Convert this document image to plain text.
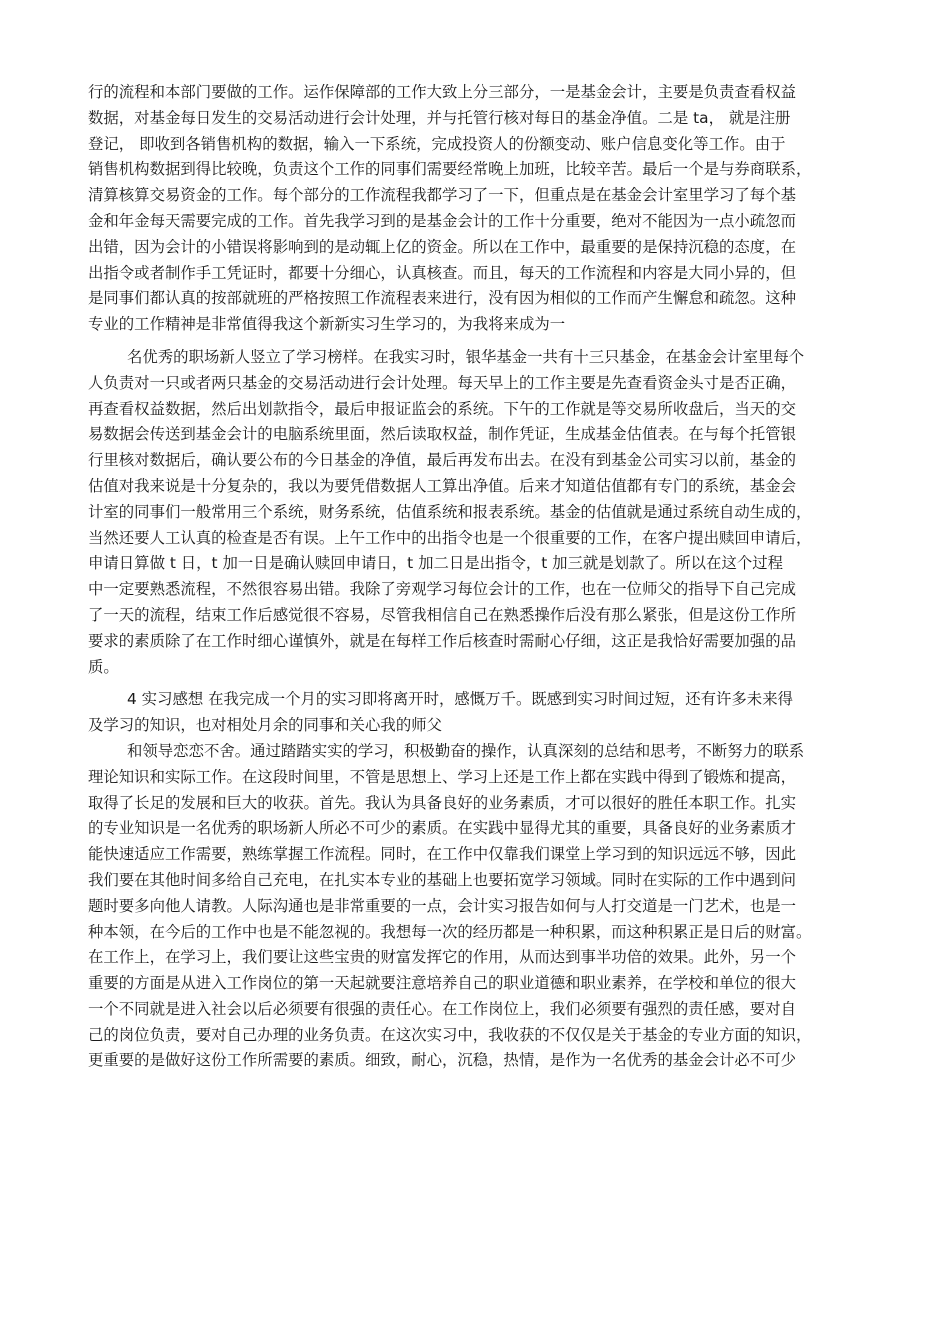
行的流程和本部门要做的工作。运作保障部的工作大致上分三部分，一是基金会计，主要是负责查看权益
数据，对基金每日发生的交易活动进行会计处理，并与托管行核对每日的基金净值。二是 ta， 就是注册
登记， 即收到各销售机构的数据，输入一下系统，完成投资人的份额变动、账户信息变化等工作。由于
销售机构数据到得比较晚，负责这个工作的同事们需要经常晚上加班，比较辛苦。最后一个是与券商联系，
清算核算交易资金的工作。每个部分的工作流程我都学习了一下，但重点是在基金会计室里学习了每个基
金和年金每天需要完成的工作。首先我学习到的是基金会计的工作十分重要，绝对不能因为一点小疏忽而
出错，因为会计的小错误将影响到的是动辄上亿的资金。所以在工作中，最重要的是保持沉稳的态度，在
出指令或者制作手工凭证时，都要十分细心，认真核查。而且，每天的工作流程和内容是大同小异的，但
是同事们都认真的按部就班的严格按照工作流程表来进行，没有因为相似的工作而产生懈怠和疏忽。这种
专业的工作精神是非常值得我这个新新实习生学习的，为我将来成为一
名优秀的职场新人竖立了学习榜样。在我实习时，银华基金一共有十三只基金，在基金会计室里每个
人负责对一只或者两只基金的交易活动进行会计处理。每天早上的工作主要是先查看资金头寸是否正确，
再查看权益数据，然后出划款指令，最后申报证监会的系统。下午的工作就是等交易所收盘后，当天的交
易数据会传送到基金会计的电脑系统里面，然后读取权益，制作凭证，生成基金估值表。在与每个托管银
行里核对数据后，确认要公布的今日基金的净值，最后再发布出去。在没有到基金公司实习以前，基金的
估值对我来说是十分复杂的，我以为要凭借数据人工算出净值。后来才知道估值都有专门的系统，基金会
计室的同事们一般常用三个系统，财务系统，估值系统和报表系统。基金的估值就是通过系统自动生成的，
当然还要人工认真的检查是否有误。上午工作中的出指令也是一个很重要的工作，在客户提出赎回申请后，
申请日算做 t 日，t 加一日是确认赎回申请日，t 加二日是出指令，t 加三就是划款了。所以在这个过程
中一定要熟悉流程，不然很容易出错。我除了旁观学习每位会计的工作，也在一位师父的指导下自己完成
了一天的流程，结束工作后感觉很不容易，尽管我相信自己在熟悉操作后没有那么紧张，但是这份工作所
要求的素质除了在工作时细心谨慎外，就是在每样工作后核查时需耐心仔细，这正是我恰好需要加强的品
质。
4 实习感想 在我完成一个月的实习即将离开时，感慨万千。既感到实习时间过短，还有许多未来得
及学习的知识，也对相处月余的同事和关心我的师父
和领导恋恋不舍。通过踏踏实实的学习，积极勤奋的操作，认真深刻的总结和思考，不断努力的联系
理论知识和实际工作。在这段时间里，不管是思想上、学习上还是工作上都在实践中得到了锻炼和提高，
取得了长足的发展和巨大的收获。首先。我认为具备良好的业务素质，才可以很好的胜任本职工作。扎实
的专业知识是一名优秀的职场新人所必不可少的素质。在实践中显得尤其的重要，具备良好的业务素质才
能快速适应工作需要，熟练掌握工作流程。同时，在工作中仅靠我们课堂上学习到的知识远远不够，因此
我们要在其他时间多给自己充电，在扎实本专业的基础上也要拓宽学习领域。同时在实际的工作中遇到问
题时要多向他人请教。人际沟通也是非常重要的一点，会计实习报告如何与人打交道是一门艺术，也是一
种本领，在今后的工作中也是不能忽视的。我想每一次的经历都是一种积累，而这种积累正是日后的财富。
在工作上，在学习上，我们要让这些宝贵的财富发挥它的作用，从而达到事半功倍的效果。此外，另一个
重要的方面是从进入工作岗位的第一天起就要注意培养自己的职业道德和职业素养，在学校和单位的很大
一个不同就是进入社会以后必须要有很强的责任心。在工作岗位上，我们必须要有强烈的责任感，要对自
己的岗位负责，要对自己办理的业务负责。在这次实习中，我收获的不仅仅是关于基金的专业方面的知识，
更重要的是做好这份工作所需要的素质。细致，耐心，沉稳，热情，是作为一名优秀的基金会计必不可少
